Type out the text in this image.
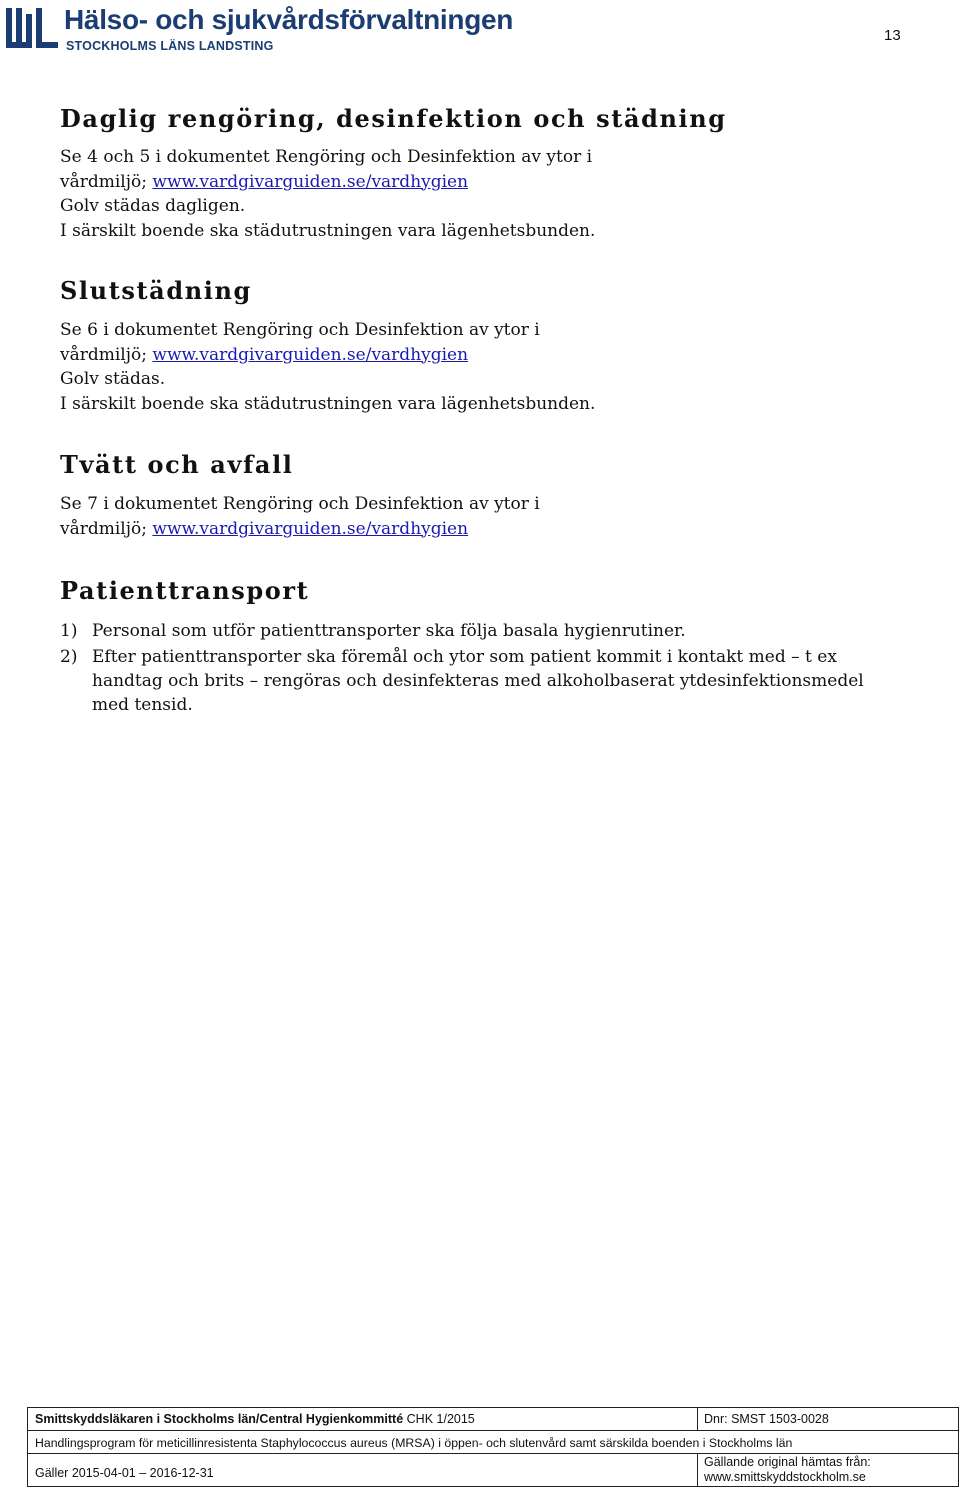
Hälso- och sjukvårdsförvaltningen
STOCKHOLMS LÄNS LANDSTING
13
Daglig rengöring, desinfektion och städning
Se 4 och 5 i dokumentet Rengöring och Desinfektion av ytor i
vårdmiljö; www.vardgivarguiden.se/vardhygien
Golv städas dagligen.
I särskilt boende ska städutrustningen vara lägenhetsbunden.
Slutstädning
Se 6 i dokumentet Rengöring och Desinfektion av ytor i
vårdmiljö; www.vardgivarguiden.se/vardhygien
Golv städas.
I särskilt boende ska städutrustningen vara lägenhetsbunden.
Tvätt och avfall
Se 7 i dokumentet Rengöring och Desinfektion av ytor i
vårdmiljö; www.vardgivarguiden.se/vardhygien
Patienttransport
1) Personal som utför patienttransporter ska följa basala hygienrutiner.
2) Efter patienttransporter ska föremål och ytor som patient kommit i kontakt med – t ex
handtag och brits – rengöras och desinfekteras med alkoholbaserat ytdesinfektionsmedel
med tensid.
Smittskyddsläkaren i Stockholms län/Central Hygienkommitté CHK 1/2015	Dnr: SMST 1503-0028
Handlingsprogram för meticillinresistenta Staphylococcus aureus (MRSA) i öppen- och slutenvård samt särskilda boenden i Stockholms län
Gäller 2015-04-01 – 2016-12-31
Gällande original hämtas från:
www.smittskyddstockholm.se
